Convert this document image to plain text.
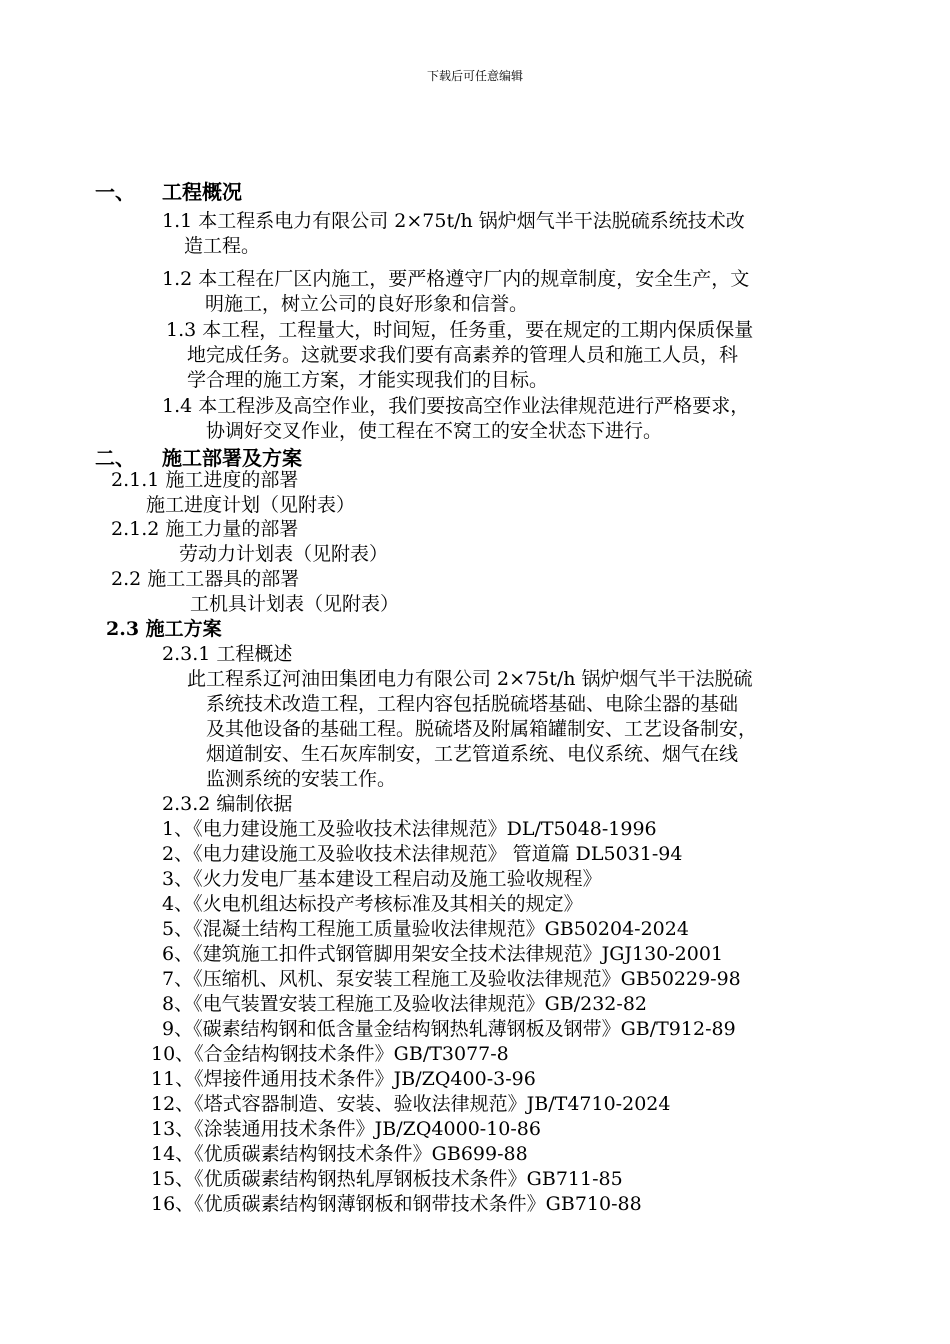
下载后可任意编辑
一、 工程概况
1.1 本工程系电力有限公司 2×75t/h 锅炉烟气半干法脱硫系统技术改
造工程。
1.2 本工程在厂区内施工，要严格遵守厂内的规章制度，安全生产，文
明施工，树立公司的良好形象和信誉。
1.3 本工程，工程量大，时间短，任务重，要在规定的工期内保质保量
地完成任务。这就要求我们要有高素养的管理人员和施工人员，科
学合理的施工方案，才能实现我们的目标。
1.4 本工程涉及高空作业，我们要按高空作业法律规范进行严格要求，
协调好交叉作业，使工程在不窝工的安全状态下进行。
二、 施工部署及方案
2.1.1 施工进度的部署
施工进度计划（见附表）
2.1.2 施工力量的部署
劳动力计划表（见附表）
2.2 施工工器具的部署
工机具计划表（见附表）
2.3 施工方案
2.3.1 工程概述
此工程系辽河油田集团电力有限公司 2×75t/h 锅炉烟气半干法脱硫
系统技术改造工程，工程内容包括脱硫塔基础、电除尘器的基础
及其他设备的基础工程。脱硫塔及附属箱罐制安、工艺设备制安，
烟道制安、生石灰库制安，工艺管道系统、电仪系统、烟气在线
监测系统的安装工作。
2.3.2 编制依据
1、《电力建设施工及验收技术法律规范》DL/T5048-1996
2、《电力建设施工及验收技术法律规范》 管道篇 DL5031-94
3、《火力发电厂基本建设工程启动及施工验收规程》
4、《火电机组达标投产考核标准及其相关的规定》
5、《混凝土结构工程施工质量验收法律规范》GB50204-2024
6、《建筑施工扣件式钢管脚用架安全技术法律规范》JGJ130-2001
7、《压缩机、风机、泵安装工程施工及验收法律规范》GB50229-98
8、《电气装置安装工程施工及验收法律规范》GB/232-82
9、《碳素结构钢和低含量金结构钢热轧薄钢板及钢带》GB/T912-89
10、《合金结构钢技术条件》GB/T3077-8
11、《焊接件通用技术条件》JB/ZQ400-3-96
12、《塔式容器制造、安装、验收法律规范》JB/T4710-2024
13、《涂装通用技术条件》JB/ZQ4000-10-86
14、《优质碳素结构钢技术条件》GB699-88
15、《优质碳素结构钢热轧厚钢板技术条件》GB711-85
16、《优质碳素结构钢薄钢板和钢带技术条件》GB710-88
